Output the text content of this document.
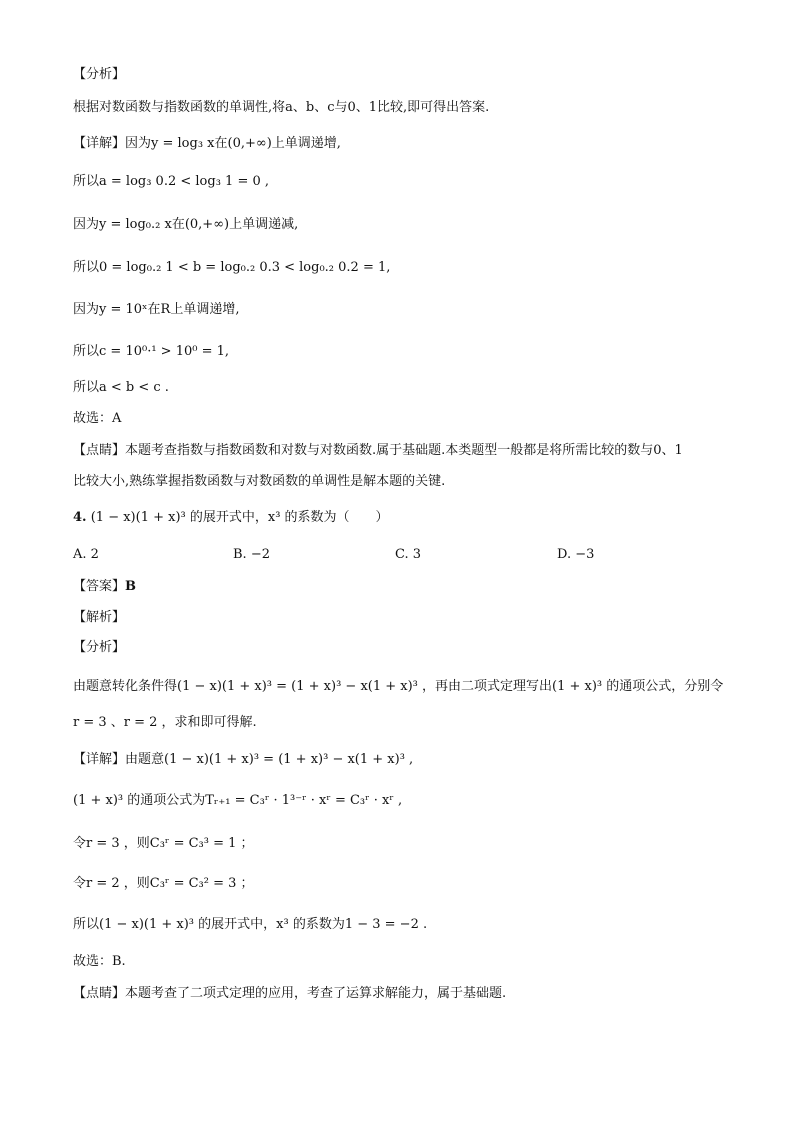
【分析】
根据对数函数与指数函数的单调性,将a、b、c与0、1比较,即可得出答案.
【详解】因为y = log₃ x在(0,+∞)上单调递增,
所以a = log₃ 0.2 < log₃ 1 = 0 ,
因为y = log₀.₂ x在(0,+∞)上单调递减,
所以0 = log₀.₂ 1 < b = log₀.₂ 0.3 < log₀.₂ 0.2 = 1,
因为y = 10ˣ在R上单调递增,
所以c = 10⁰·¹ > 10⁰ = 1,
所以a < b < c .
故选：A
【点睛】本题考查指数与指数函数和对数与对数函数.属于基础题.本类题型一般都是将所需比较的数与0、1
比较大小,熟练掌握指数函数与对数函数的单调性是解本题的关键.
4. (1 − x)(1 + x)³ 的展开式中，x³ 的系数为（　　）
A. 2	B. −2	C. 3	D. −3
【答案】B
【解析】
【分析】
由题意转化条件得(1 − x)(1 + x)³ = (1 + x)³ − x(1 + x)³ ，再由二项式定理写出(1 + x)³ 的通项公式，分别令
r = 3 、r = 2 ，求和即可得解.
【详解】由题意(1 − x)(1 + x)³ = (1 + x)³ − x(1 + x)³ ,
(1 + x)³ 的通项公式为Tᵣ₊₁ = C₃ʳ · 1³⁻ʳ · xʳ = C₃ʳ · xʳ ,
令r = 3 ，则C₃ʳ = C₃³ = 1 ；
令r = 2 ，则C₃ʳ = C₃² = 3 ；
所以(1 − x)(1 + x)³ 的展开式中，x³ 的系数为1 − 3 = −2 .
故选：B.
【点睛】本题考查了二项式定理的应用，考查了运算求解能力，属于基础题.
